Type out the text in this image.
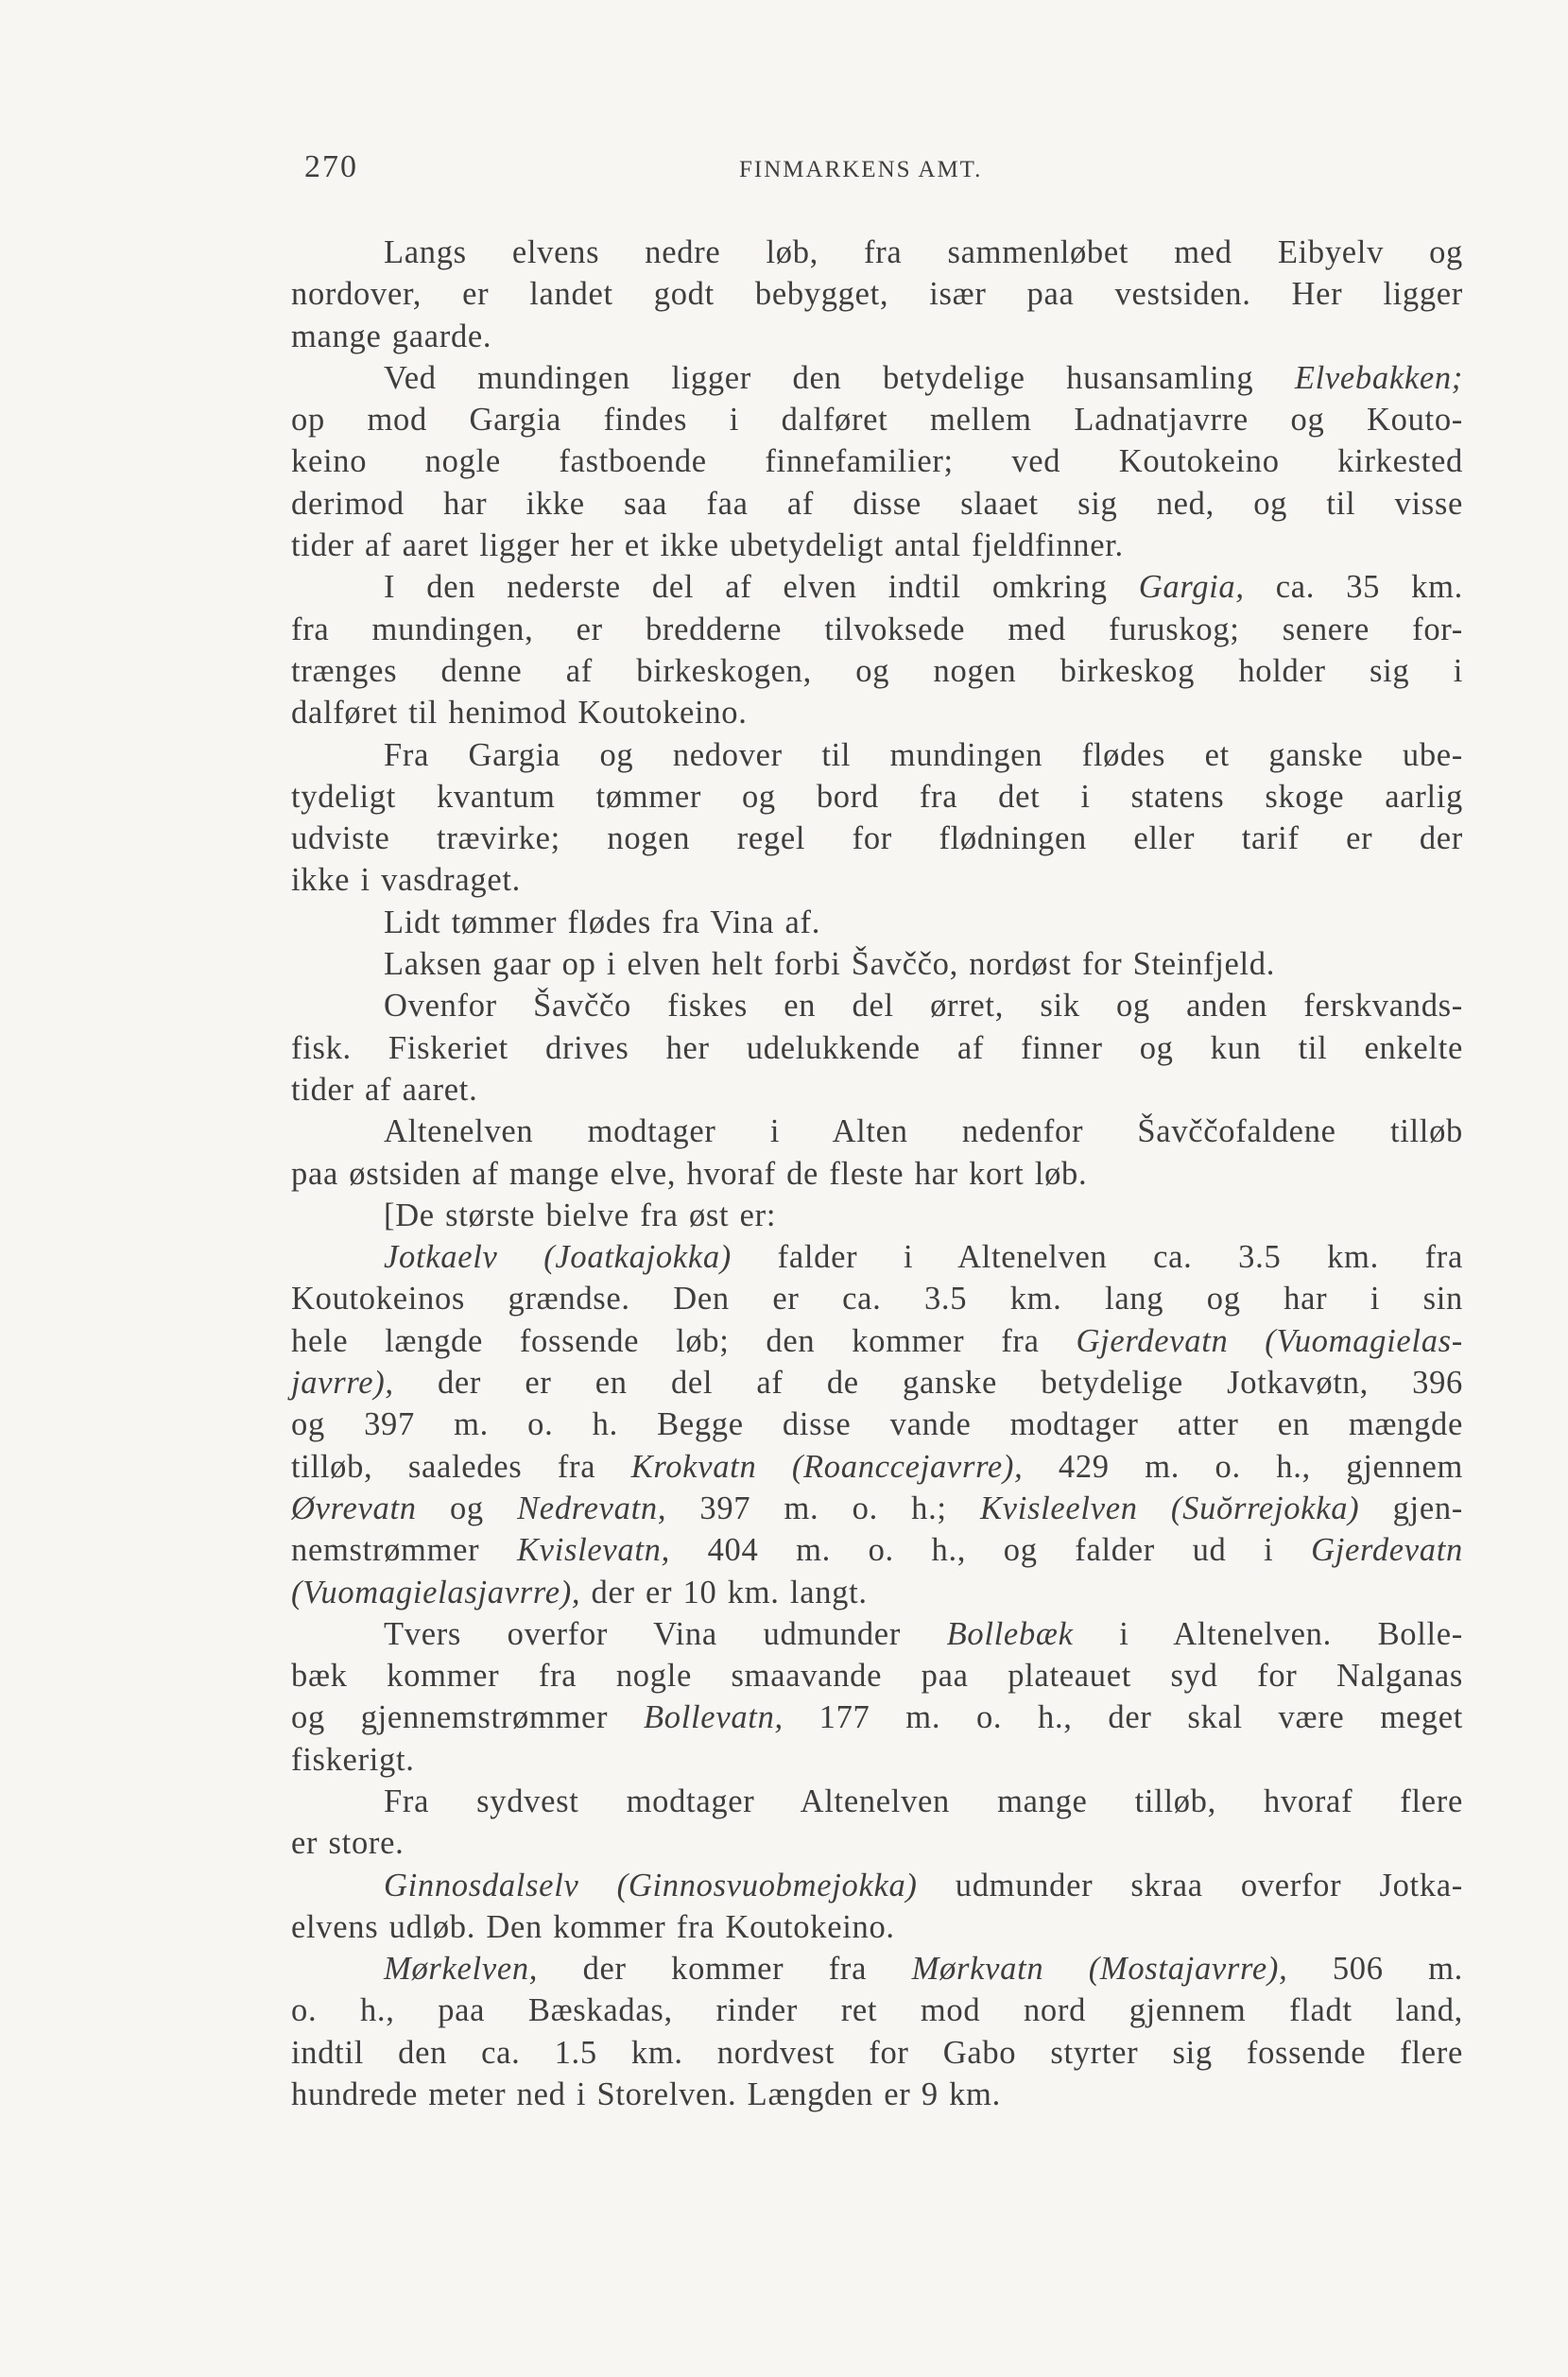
270	FINMARKENS AMT.

Langs elvens nedre løb, fra sammenløbet med Eibyelv og
nordover, er landet godt bebygget, især paa vestsiden. Her ligger
mange gaarde.

Ved mundingen ligger den betydelige husansamling Elvebakken;
op mod Gargia findes i dalføret mellem Ladnatjavrre og Kouto-
keino nogle fastboende finnefamilier; ved Koutokeino kirkested
derimod har ikke saa faa af disse slaaet sig ned, og til visse
tider af aaret ligger her et ikke ubetydeligt antal fjeldfinner.

I den nederste del af elven indtil omkring Gargia, ca. 35 km.
fra mundingen, er bredderne tilvoksede med furuskog; senere for-
trænges denne af birkeskogen, og nogen birkeskog holder sig i
dalføret til henimod Koutokeino.

Fra Gargia og nedover til mundingen flødes et ganske ube-
tydeligt kvantum tømmer og bord fra det i statens skoge aarlig
udviste trævirke; nogen regel for flødningen eller tarif er der
ikke i vasdraget.

Lidt tømmer flødes fra Vina af.

Laksen gaar op i elven helt forbi Šavččo, nordøst for Steinfjeld.

Ovenfor Šavččo fiskes en del ørret, sik og anden ferskvands-
fisk. Fiskeriet drives her udelukkende af finner og kun til enkelte
tider af aaret.

Altenelven modtager i Alten nedenfor Šavččofaldene tilløb
paa østsiden af mange elve, hvoraf de fleste har kort løb.

[De største bielve fra øst er:

Jotkaelv (Joatkajokka) falder i Altenelven ca. 3.5 km. fra
Koutokeinos grændse. Den er ca. 3.5 km. lang og har i sin
hele længde fossende løb; den kommer fra Gjerdevatn (Vuomagielas-
javrre), der er en del af de ganske betydelige Jotkavøtn, 396
og 397 m. o. h. Begge disse vande modtager atter en mængde
tilløb, saaledes fra Krokvatn (Roanccejavrre), 429 m. o. h., gjennem
Øvrevatn og Nedrevatn, 397 m. o. h.; Kvisleelven (Suŏrrejokka) gjen-
nemstrømmer Kvislevatn, 404 m. o. h., og falder ud i Gjerdevatn
(Vuomagielasjavrre), der er 10 km. langt.

Tvers overfor Vina udmunder Bollebæk i Altenelven. Bolle-
bæk kommer fra nogle smaavande paa plateauet syd for Nalganas
og gjennemstrømmer Bollevatn, 177 m. o. h., der skal være meget
fiskerigt.

Fra sydvest modtager Altenelven mange tilløb, hvoraf flere
er store.

Ginnosdalselv (Ginnosvuobmejokka) udmunder skraa overfor Jotka-
elvens udløb. Den kommer fra Koutokeino.

Mørkelven, der kommer fra Mørkvatn (Mostajavrre), 506 m.
o. h., paa Bæskadas, rinder ret mod nord gjennem fladt land,
indtil den ca. 1.5 km. nordvest for Gabo styrter sig fossende flere
hundrede meter ned i Storelven. Længden er 9 km.
